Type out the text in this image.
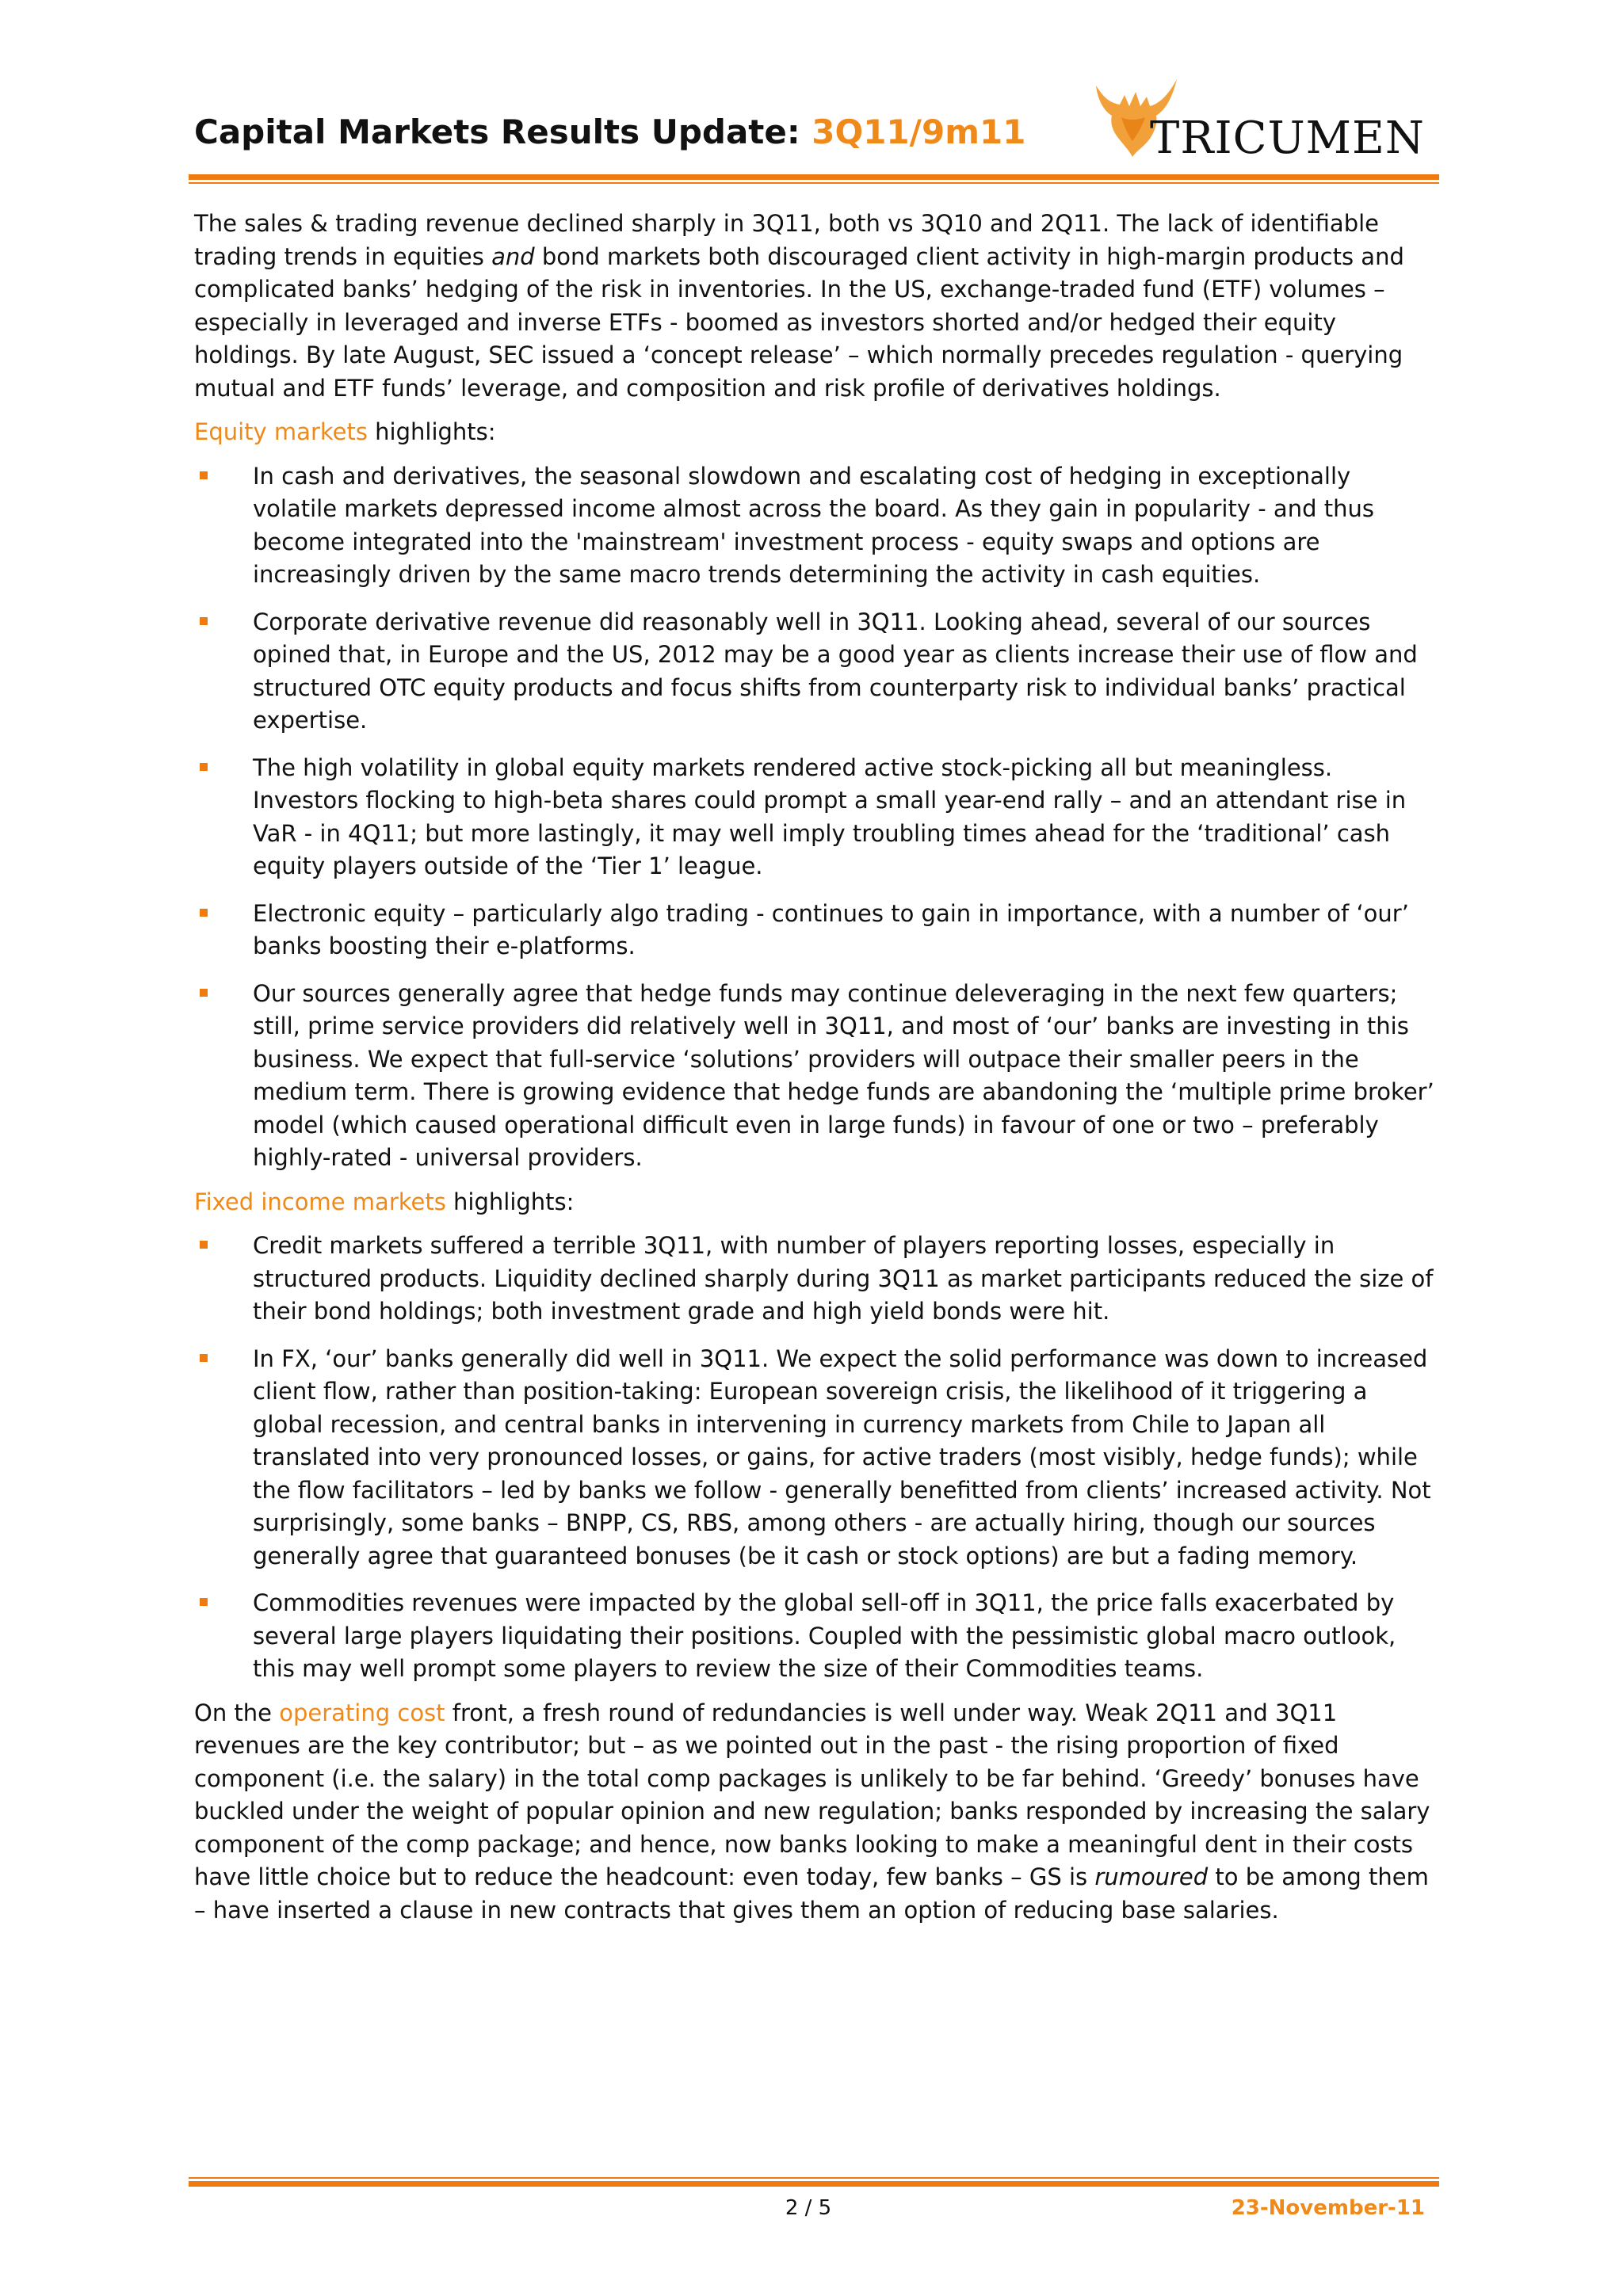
Capital Markets Results Update: 3Q11/9m11	TRICUMEN

The sales & trading revenue declined sharply in 3Q11, both vs 3Q10 and 2Q11. The lack of identifiable trading trends in equities and bond markets both discouraged client activity in high-margin products and complicated banks’ hedging of the risk in inventories. In the US, exchange-traded fund (ETF) volumes – especially in leveraged and inverse ETFs - boomed as investors shorted and/or hedged their equity holdings. By late August, SEC issued a ‘concept release’ – which normally precedes regulation - querying mutual and ETF funds’ leverage, and composition and risk profile of derivatives holdings.

Equity markets highlights:

In cash and derivatives, the seasonal slowdown and escalating cost of hedging in exceptionally volatile markets depressed income almost across the board. As they gain in popularity - and thus become integrated into the 'mainstream' investment process - equity swaps and options are increasingly driven by the same macro trends determining the activity in cash equities.
Corporate derivative revenue did reasonably well in 3Q11. Looking ahead, several of our sources opined that, in Europe and the US, 2012 may be a good year as clients increase their use of flow and structured OTC equity products and focus shifts from counterparty risk to individual banks’ practical expertise.
The high volatility in global equity markets rendered active stock-picking all but meaningless. Investors flocking to high-beta shares could prompt a small year-end rally – and an attendant rise in VaR - in 4Q11; but more lastingly, it may well imply troubling times ahead for the ‘traditional’ cash equity players outside of the ‘Tier 1’ league.
Electronic equity – particularly algo trading - continues to gain in importance, with a number of ‘our’ banks boosting their e-platforms.
Our sources generally agree that hedge funds may continue deleveraging in the next few quarters; still, prime service providers did relatively well in 3Q11, and most of ‘our’ banks are investing in this business. We expect that full-service ‘solutions’ providers will outpace their smaller peers in the medium term. There is growing evidence that hedge funds are abandoning the ‘multiple prime broker’ model (which caused operational difficult even in large funds) in favour of one or two – preferably highly-rated - universal providers.

Fixed income markets highlights:

Credit markets suffered a terrible 3Q11, with number of players reporting losses, especially in structured products. Liquidity declined sharply during 3Q11 as market participants reduced the size of their bond holdings; both investment grade and high yield bonds were hit.
In FX, ‘our’ banks generally did well in 3Q11. We expect the solid performance was down to increased client flow, rather than position-taking: European sovereign crisis, the likelihood of it triggering a global recession, and central banks in intervening in currency markets from Chile to Japan all translated into very pronounced losses, or gains, for active traders (most visibly, hedge funds); while the flow facilitators – led by banks we follow - generally benefitted from clients’ increased activity. Not surprisingly, some banks – BNPP, CS, RBS, among others - are actually hiring, though our sources generally agree that guaranteed bonuses (be it cash or stock options) are but a fading memory.
Commodities revenues were impacted by the global sell-off in 3Q11, the price falls exacerbated by several large players liquidating their positions. Coupled with the pessimistic global macro outlook, this may well prompt some players to review the size of their Commodities teams.

On the operating cost front, a fresh round of redundancies is well under way. Weak 2Q11 and 3Q11 revenues are the key contributor; but – as we pointed out in the past - the rising proportion of fixed component (i.e. the salary) in the total comp packages is unlikely to be far behind. ‘Greedy’ bonuses have buckled under the weight of popular opinion and new regulation; banks responded by increasing the salary component of the comp package; and hence, now banks looking to make a meaningful dent in their costs have little choice but to reduce the headcount: even today, few banks – GS is rumoured to be among them – have inserted a clause in new contracts that gives them an option of reducing base salaries.

2 / 5	23-November-11
